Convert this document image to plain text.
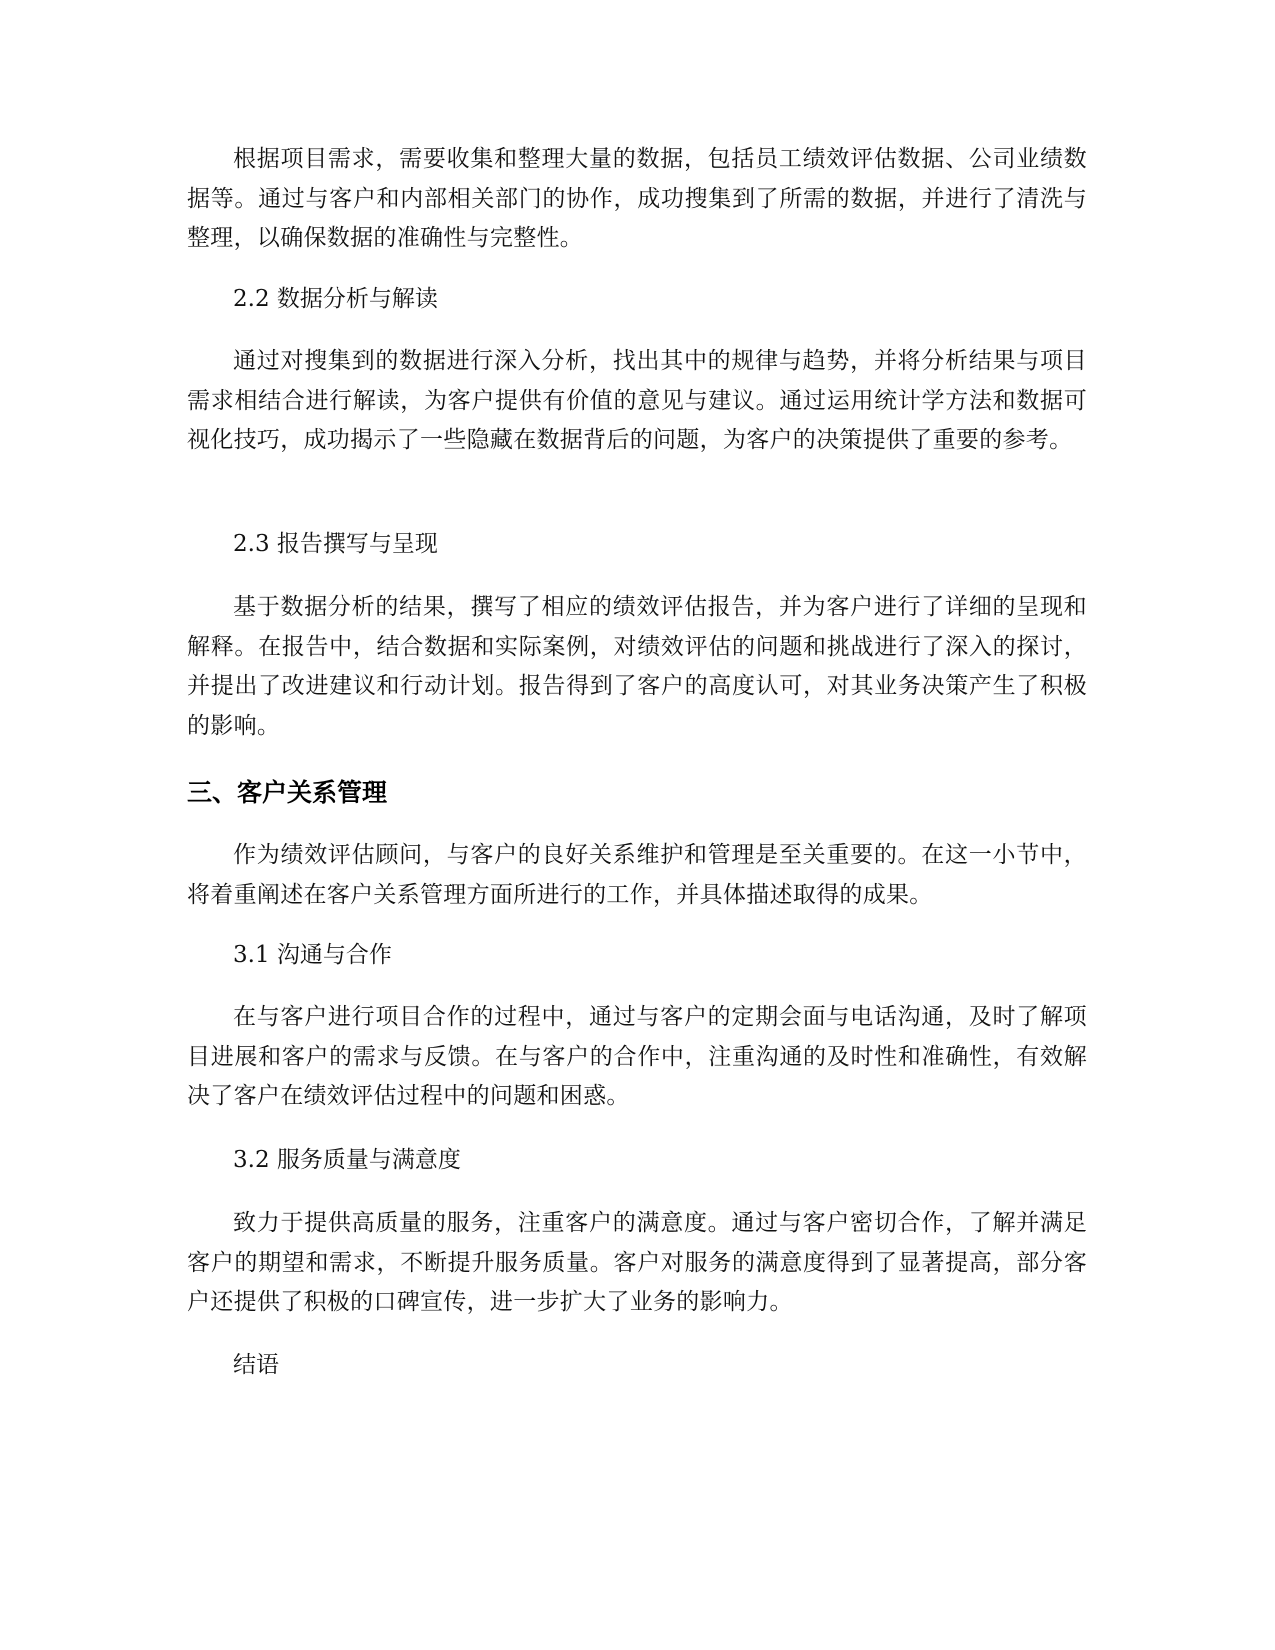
根据项目需求，需要收集和整理大量的数据，包括员工绩效评估数据、公司业绩数据等。通过与客户和内部相关部门的协作，成功搜集到了所需的数据，并进行了清洗与整理，以确保数据的准确性与完整性。

2.2 数据分析与解读

通过对搜集到的数据进行深入分析，找出其中的规律与趋势，并将分析结果与项目需求相结合进行解读，为客户提供有价值的意见与建议。通过运用统计学方法和数据可视化技巧，成功揭示了一些隐藏在数据背后的问题，为客户的决策提供了重要的参考。

2.3 报告撰写与呈现

基于数据分析的结果，撰写了相应的绩效评估报告，并为客户进行了详细的呈现和解释。在报告中，结合数据和实际案例，对绩效评估的问题和挑战进行了深入的探讨，并提出了改进建议和行动计划。报告得到了客户的高度认可，对其业务决策产生了积极的影响。

三、客户关系管理

作为绩效评估顾问，与客户的良好关系维护和管理是至关重要的。在这一小节中，将着重阐述在客户关系管理方面所进行的工作，并具体描述取得的成果。

3.1 沟通与合作

在与客户进行项目合作的过程中，通过与客户的定期会面与电话沟通，及时了解项目进展和客户的需求与反馈。在与客户的合作中，注重沟通的及时性和准确性，有效解决了客户在绩效评估过程中的问题和困惑。

3.2 服务质量与满意度

致力于提供高质量的服务，注重客户的满意度。通过与客户密切合作，了解并满足客户的期望和需求，不断提升服务质量。客户对服务的满意度得到了显著提高，部分客户还提供了积极的口碑宣传，进一步扩大了业务的影响力。

结语
